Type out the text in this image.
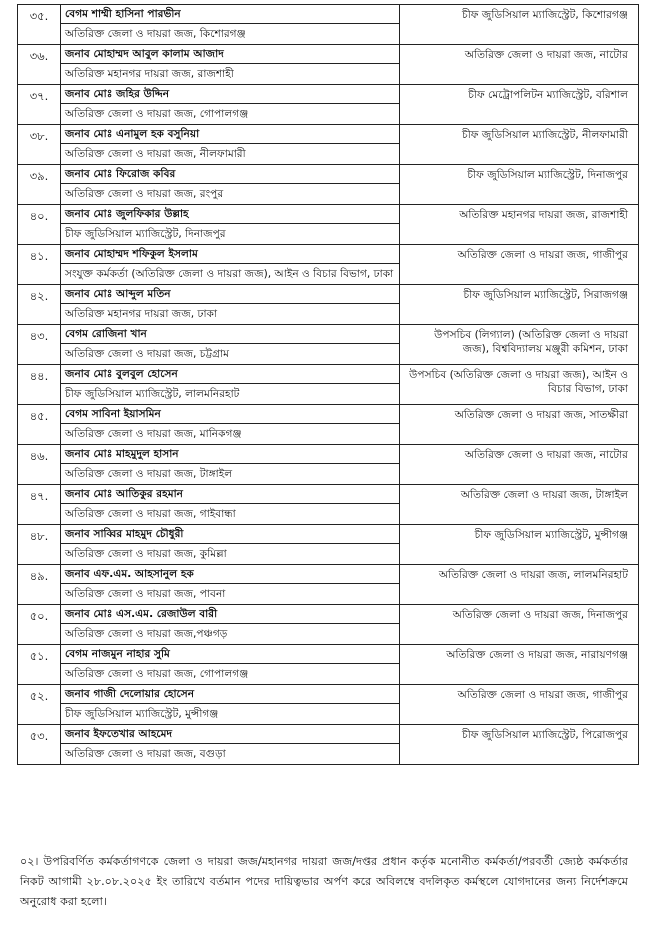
৩৫.	বেগম শাম্মী হাসিনা পারভীন
অতিরিক্ত জেলা ও দায়রা জজ, কিশোরগঞ্জ	চীফ জুডিসিয়াল ম্যাজিস্ট্রেট, কিশোরগঞ্জ
৩৬.	জনাব মোহাম্মদ আবুল কালাম আজাদ
অতিরিক্ত মহানগর দায়রা জজ, রাজশাহী	অতিরিক্ত জেলা ও দায়রা জজ, নাটোর
৩৭.	জনাব মোঃ জহির উদ্দিন
অতিরিক্ত জেলা ও দায়রা জজ, গোপালগঞ্জ	চীফ মেট্রোপলিটন ম্যাজিস্ট্রেট, বরিশাল
৩৮.	জনাব মোঃ এনামুল হক বসুনিয়া
অতিরিক্ত জেলা ও দায়রা জজ, নীলফামারী	চীফ জুডিসিয়াল ম্যাজিস্ট্রেট, নীলফামারী
৩৯.	জনাব মোঃ ফিরোজ কবির
অতিরিক্ত জেলা ও দায়রা জজ, রংপুর	চীফ জুডিসিয়াল ম্যাজিস্ট্রেট, দিনাজপুর
৪০.	জনাব মোঃ জুলফিকার উল্লাহ
চীফ জুডিসিয়াল ম্যাজিস্ট্রেট, দিনাজপুর	অতিরিক্ত মহানগর দায়রা জজ, রাজশাহী
৪১.	জনাব মোহাম্মদ শফিকুল ইসলাম
সংযুক্ত কর্মকর্তা (অতিরিক্ত জেলা ও দায়রা জজ), আইন ও বিচার বিভাগ, ঢাকা	অতিরিক্ত জেলা ও দায়রা জজ, গাজীপুর
৪২.	জনাব মোঃ আব্দুল মতিন
অতিরিক্ত মহানগর দায়রা জজ, ঢাকা	চীফ জুডিসিয়াল ম্যাজিস্ট্রেট, সিরাজগঞ্জ
৪৩.	বেগম রোজিনা খান
অতিরিক্ত জেলা ও দায়রা জজ, চট্টগ্রাম	উপসচিব (লিগ্যাল) (অতিরিক্ত জেলা ও দায়রা জজ), বিশ্ববিদ্যালয় মঞ্জুরী কমিশন, ঢাকা
৪৪.	জনাব মোঃ বুলবুল হোসেন
চীফ জুডিসিয়াল ম্যাজিস্ট্রেট, লালমনিরহাট	উপসচিব (অতিরিক্ত জেলা ও দায়রা জজ), আইন ও বিচার বিভাগ, ঢাকা
৪৫.	বেগম সাবিনা ইয়াসমিন
অতিরিক্ত জেলা ও দায়রা জজ, মানিকগঞ্জ	অতিরিক্ত জেলা ও দায়রা জজ, সাতক্ষীরা
৪৬.	জনাব মোঃ মাহমুদুল হাসান
অতিরিক্ত জেলা ও দায়রা জজ, টাঙ্গাইল	অতিরিক্ত জেলা ও দায়রা জজ, নাটোর
৪৭.	জনাব মোঃ আতিকুর রহমান
অতিরিক্ত জেলা ও দায়রা জজ, গাইবান্ধা	অতিরিক্ত জেলা ও দায়রা জজ, টাঙ্গাইল
৪৮.	জনাব সাব্বির মাহমুদ চৌধুরী
অতিরিক্ত জেলা ও দায়রা জজ, কুমিল্লা	চীফ জুডিসিয়াল ম্যাজিস্ট্রেট, মুন্সীগঞ্জ
৪৯.	জনাব এফ.এম. আহসানুল হক
অতিরিক্ত জেলা ও দায়রা জজ, পাবনা	অতিরিক্ত জেলা ও দায়রা জজ, লালমনিরহাট
৫০.	জনাব মোঃ এস.এম. রেজাউল বারী
অতিরিক্ত জেলা ও দায়রা জজ,পঞ্চগড়	অতিরিক্ত জেলা ও দায়রা জজ, দিনাজপুর
৫১.	বেগম নাজমুন নাহার সুমি
অতিরিক্ত জেলা ও দায়রা জজ, গোপালগঞ্জ	অতিরিক্ত জেলা ও দায়রা জজ, নারায়ণগঞ্জ
৫২.	জনাব গাজী দেলোয়ার হোসেন
চীফ জুডিসিয়াল ম্যাজিস্ট্রেট, মুন্সীগঞ্জ	অতিরিক্ত জেলা ও দায়রা জজ, গাজীপুর
৫৩.	জনাব ইফতেখার আহমেদ
অতিরিক্ত জেলা ও দায়রা জজ, বগুড়া	চীফ জুডিসিয়াল ম্যাজিস্ট্রেট, পিরোজপুর

০২। উপরিবর্ণিত কর্মকর্তাগণকে জেলা ও দায়রা জজ/মহানগর দায়রা জজ/দপ্তর প্রধান কর্তৃক মনোনীত কর্মকর্তা/পরবর্তী জ্যেষ্ঠ কর্মকর্তার নিকট আগামী ২৮.০৮.২০২৫ ইং তারিখে বর্তমান পদের দায়িত্বভার অর্পণ করে অবিলম্বে বদলিকৃত কর্মস্থলে যোগদানের জন্য নির্দেশক্রমে অনুরোধ করা হলো।
